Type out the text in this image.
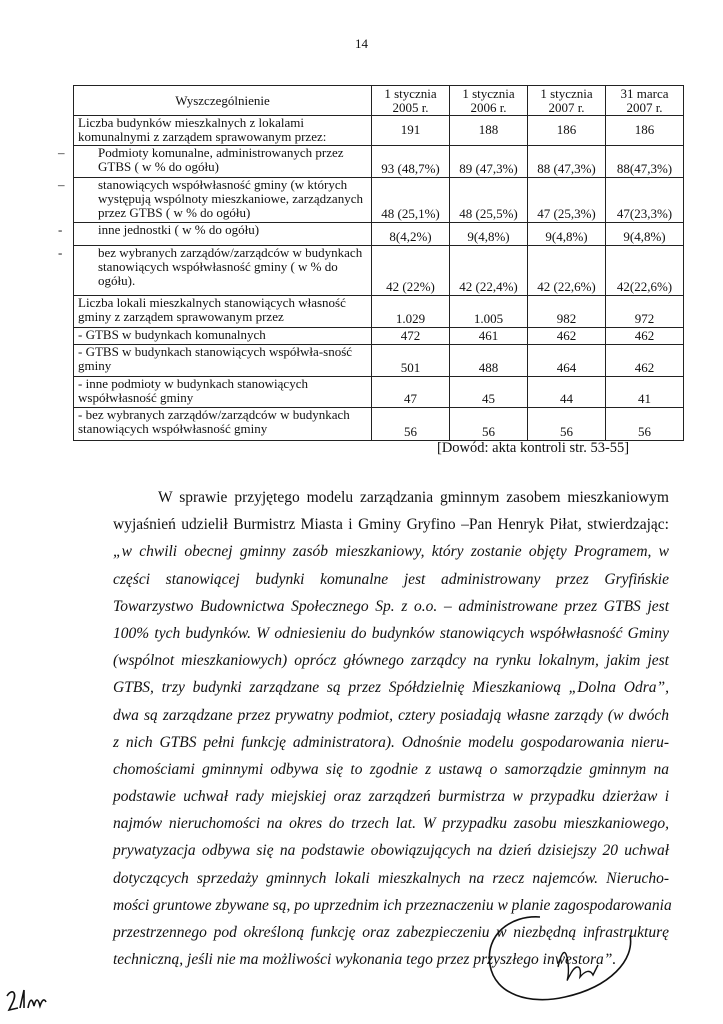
14
Wyszczególnienie	1 stycznia 2005 r.	1 stycznia 2006 r.	1 stycznia 2007 r.	31 marca 2007 r.
Liczba budynków mieszkalnych z lokalami komunalnymi z zarządem sprawowanym przez:	191	188	186	186
– Podmioty komunalne, administrowanych przez GTBS ( w % do ogółu)	93 (48,7%)	89 (47,3%)	88 (47,3%)	88(47,3%)
– stanowiących współwłasność gminy (w których występują wspólnoty mieszkaniowe, zarządzanych przez GTBS ( w % do ogółu)	48 (25,1%)	48 (25,5%)	47 (25,3%)	47(23,3%)
- inne jednostki ( w % do ogółu)	8(4,2%)	9(4,8%)	9(4,8%)	9(4,8%)
- bez wybranych zarządów/zarządców w budynkach stanowiących współwłasność gminy ( w % do ogółu).	42 (22%)	42 (22,4%)	42 (22,6%)	42(22,6%)
Liczba lokali mieszkalnych stanowiących własność gminy z zarządem sprawowanym przez	1.029	1.005	982	972
- GTBS w budynkach komunalnych	472	461	462	462
- GTBS w budynkach stanowiących współwła-sność gminy	501	488	464	462
- inne podmioty w budynkach stanowiących współwłasność gminy	47	45	44	41
- bez wybranych zarządów/zarządców w budynkach stanowiących współwłasność gminy	56	56	56	56
[Dowód: akta kontroli str. 53-55]
W sprawie przyjętego modelu zarządzania gminnym zasobem mieszkaniowym
wyjaśnień udzielił Burmistrz Miasta i Gminy Gryfino –Pan Henryk Piłat, stwierdzając:
„w chwili obecnej gminny zasób mieszkaniowy, który zostanie objęty Programem, w
części stanowiącej budynki komunalne jest administrowany przez Gryfińskie
Towarzystwo Budownictwa Społecznego Sp. z o.o. – administrowane przez GTBS jest
100% tych budynków. W odniesieniu do budynków stanowiących współwłasność Gminy
(wspólnot mieszkaniowych) oprócz głównego zarządcy na rynku lokalnym, jakim jest
GTBS, trzy budynki zarządzane są przez Spółdzielnię Mieszkaniową „Dolna Odra”,
dwa są zarządzane przez prywatny podmiot, cztery posiadają własne zarządy (w dwóch
z nich GTBS pełni funkcję administratora). Odnośnie modelu gospodarowania nieru-
chomościami gminnymi odbywa się to zgodnie z ustawą o samorządzie gminnym na
podstawie uchwał rady miejskiej oraz zarządzeń burmistrza w przypadku dzierżaw i
najmów nieruchomości na okres do trzech lat. W przypadku zasobu mieszkaniowego,
prywatyzacja odbywa się na podstawie obowiązujących na dzień dzisiejszy 20 uchwał
dotyczących sprzedaży gminnych lokali mieszkalnych na rzecz najemców. Nierucho-
mości gruntowe zbywane są, po uprzednim ich przeznaczeniu w planie zagospodarowania
przestrzennego pod określoną funkcję oraz zabezpieczeniu w niezbędną infrastrukturę
techniczną, jeśli nie ma możliwości wykonania tego przez przyszłego inwestora”.
